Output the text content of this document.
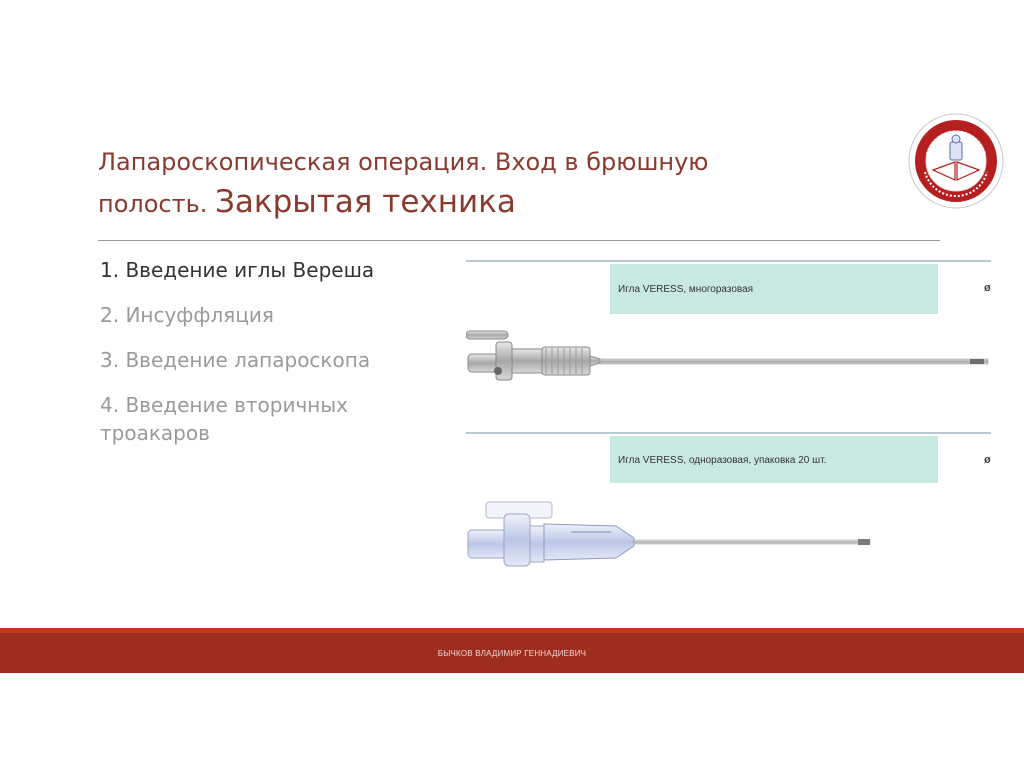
Лапароскопическая операция. Вход в брюшную
полость. Закрытая техника
1. Введение иглы Вереша
2. Инсуффляция
3. Введение лапароскопа
4. Введение вторичных троакаров
Игла VERESS, многоразовая	ø
Игла VERESS, одноразовая, упаковка 20 шт.	ø
БЫЧКОВ ВЛАДИМИР ГЕННАДИЕВИЧ
